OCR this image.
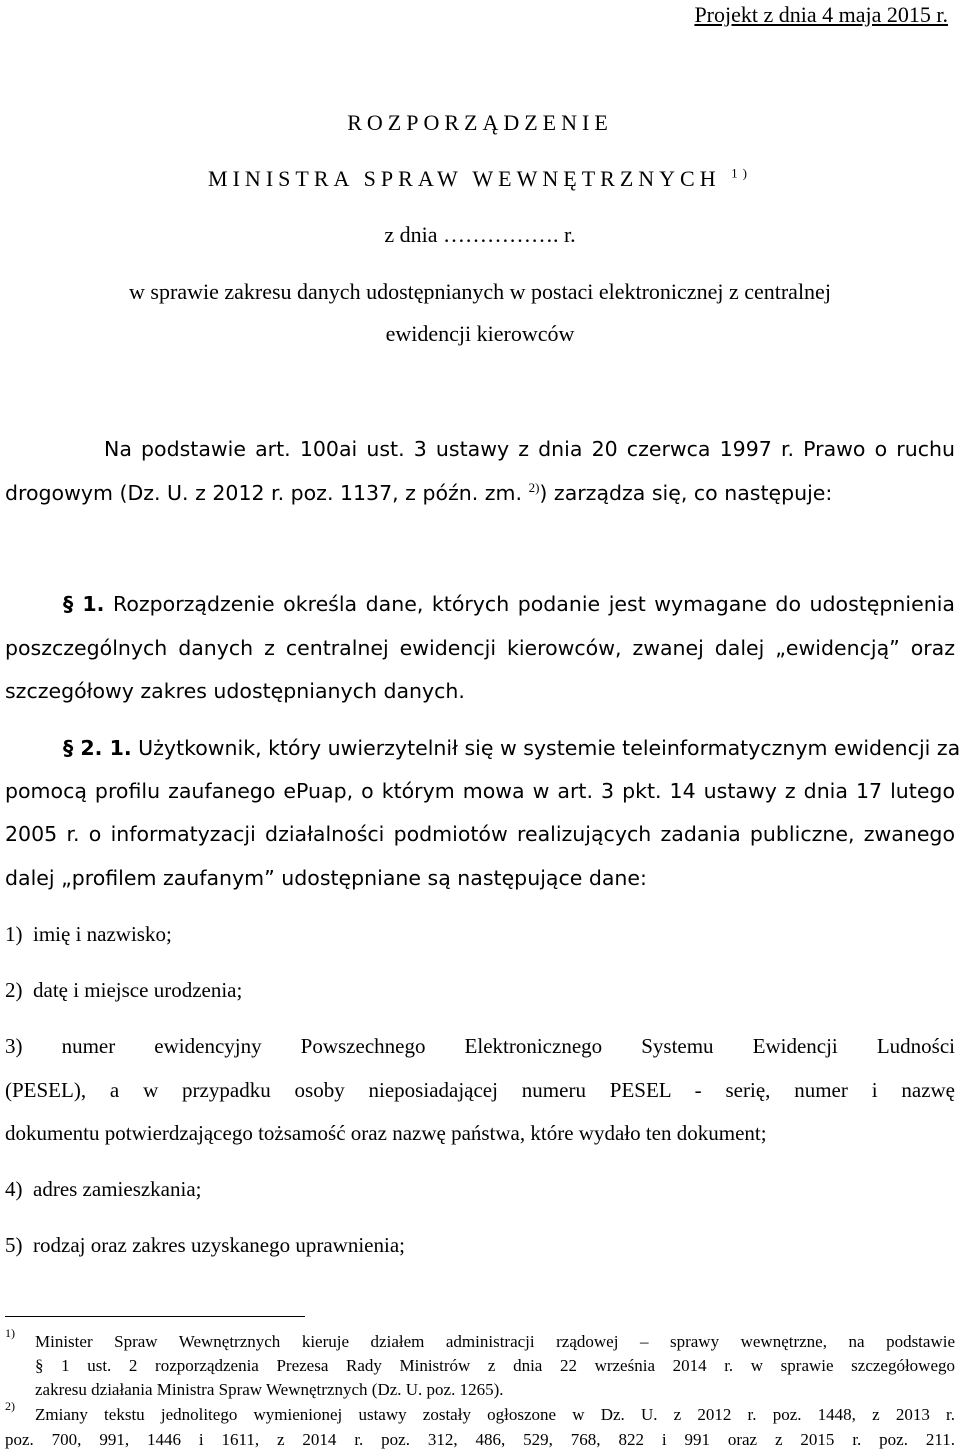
Projekt z dnia 4 maja 2015 r.
ROZPORZĄDZENIE
MINISTRA SPRAW WEWNĘTRZNYCH $^{1)}$
z dnia ……………. r.
w sprawie zakresu danych udostępnianych w postaci elektronicznej z centralnej
ewidencji kierowców
Na podstawie art. 100ai ust. 3 ustawy z dnia 20 czerwca 1997 r. Prawo o ruchu
drogowym (Dz. U. z 2012 r. poz. 1137, z późn. zm. $^{2)}$) zarządza się, co następuje:
§ 1. Rozporządzenie określa dane, których podanie jest wymagane do udostępnienia
poszczególnych danych z centralnej ewidencji kierowców, zwanej dalej „ewidencją” oraz
szczegółowy zakres udostępnianych danych.
§ 2. 1. Użytkownik, który uwierzytelnił się w systemie teleinformatycznym ewidencji za
pomocą profilu zaufanego ePuap, o którym mowa w art. 3 pkt. 14 ustawy z dnia 17 lutego
2005 r. o informatyzacji działalności podmiotów realizujących zadania publiczne, zwanego
dalej „profilem zaufanym” udostępniane są następujące dane:
1) imię i nazwisko;
2) datę i miejsce urodzenia;
3) numer ewidencyjny Powszechnego Elektronicznego Systemu Ewidencji Ludności
(PESEL), a w przypadku osoby nieposiadającej numeru PESEL - serię, numer i nazwę
dokumentu potwierdzającego tożsamość oraz nazwę państwa, które wydało ten dokument;
4) adres zamieszkania;
5) rodzaj oraz zakres uzyskanego uprawnienia;
1) Minister Spraw Wewnętrznych kieruje działem administracji rządowej – sprawy wewnętrzne, na podstawie
§ 1 ust. 2 rozporządzenia Prezesa Rady Ministrów z dnia 22 września 2014 r. w sprawie szczegółowego
zakresu działania Ministra Spraw Wewnętrznych (Dz. U. poz. 1265).
2) Zmiany tekstu jednolitego wymienionej ustawy zostały ogłoszone w Dz. U. z 2012 r. poz. 1448, z 2013 r.
poz. 700, 991, 1446 i 1611, z 2014 r. poz. 312, 486, 529, 768, 822 i 991 oraz z 2015 r. poz. 211.
